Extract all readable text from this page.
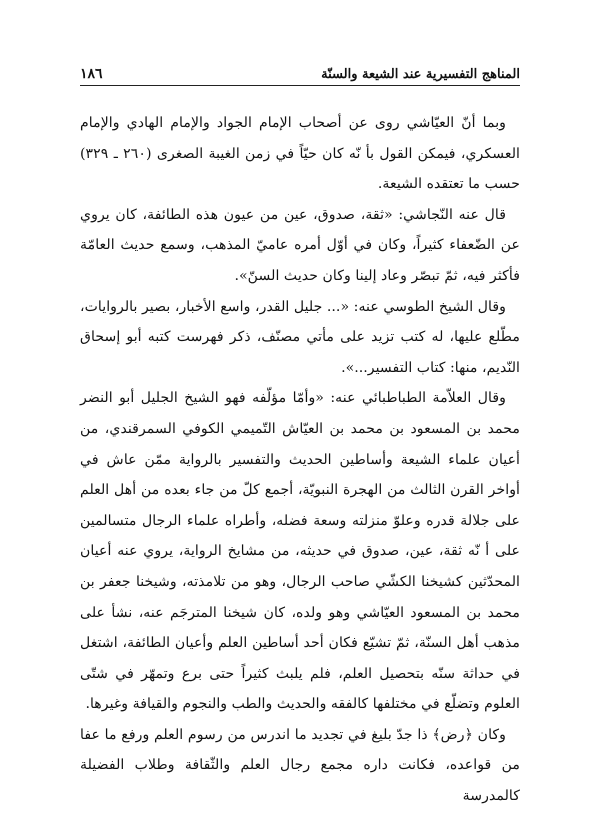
المناهج التفسيرية عند الشيعة والسنّة
١٨٦

وبما أنّ العيّاشي روى عن أصحاب الإمام الجواد والإمام الهادي والإمام العسكري، فيمكن القول بأ نّه كان حيّاً في زمن الغيبة الصغرى (٢٦٠ ـ ٣٢٩) حسب ما تعتقده الشيعة.

قال عنه النّجاشي: «ثقة، صدوق، عين من عيون هذه الطائفة، كان يروي عن الضّعفاء كثيراً، وكان في أوّل أمره عاميّ المذهب، وسمع حديث العامّة فأكثر فيه، ثمّ تبصّر وعاد إلينا وكان حديث السنّ».

وقال الشيخ الطوسي عنه: «... جليل القدر، واسع الأخبار، بصير بالروايات، مطّلع عليها، له كتب تزيد على مأتي مصنّف، ذكر فهرست كتبه أبو إسحاق النّديم، منها: كتاب التفسير...».

وقال العلاّمة الطباطبائي عنه: «وأمّا مؤلّفه فهو الشيخ الجليل أبو النضر محمد بن المسعود بن محمد بن العيّاش التّميمي الكوفي السمرقندي، من أعيان علماء الشيعة وأساطين الحديث والتفسير بالرواية ممّن عاش في أواخر القرن الثالث من الهجرة النبويّة، أجمع كلّ من جاء بعده من أهل العلم على جلالة قدره وعلوّ منزلته وسعة فضله، وأطراه علماء الرجال متسالمين على أ نّه ثقة، عين، صدوق في حديثه، من مشايخ الرواية، يروي عنه أعيان المحدّثين كشيخنا الكشّي صاحب الرجال، وهو من تلامذته، وشيخنا جعفر بن محمد بن المسعود العيّاشي وهو ولده، كان شيخنا المترجَم عنه، نشأ على مذهب أهل السنّة، ثمّ تشيّع فكان أحد أساطين العلم وأعيان الطائفة، اشتغل في حداثة سنّه بتحصيل العلم، فلم يلبث كثيراً حتى برع وتمهّر في شتّى العلوم وتضلّع في مختلفها كالفقه والحديث والطب والنجوم والقيافة وغيرها.

وكان ﴿رض﴾ ذا جدّ بليغ في تجديد ما اندرس من رسوم العلم ورفع ما عفا من قواعده، فكانت داره مجمع رجال العلم والثّقافة وطلاب الفضيلة كالمدرسة
